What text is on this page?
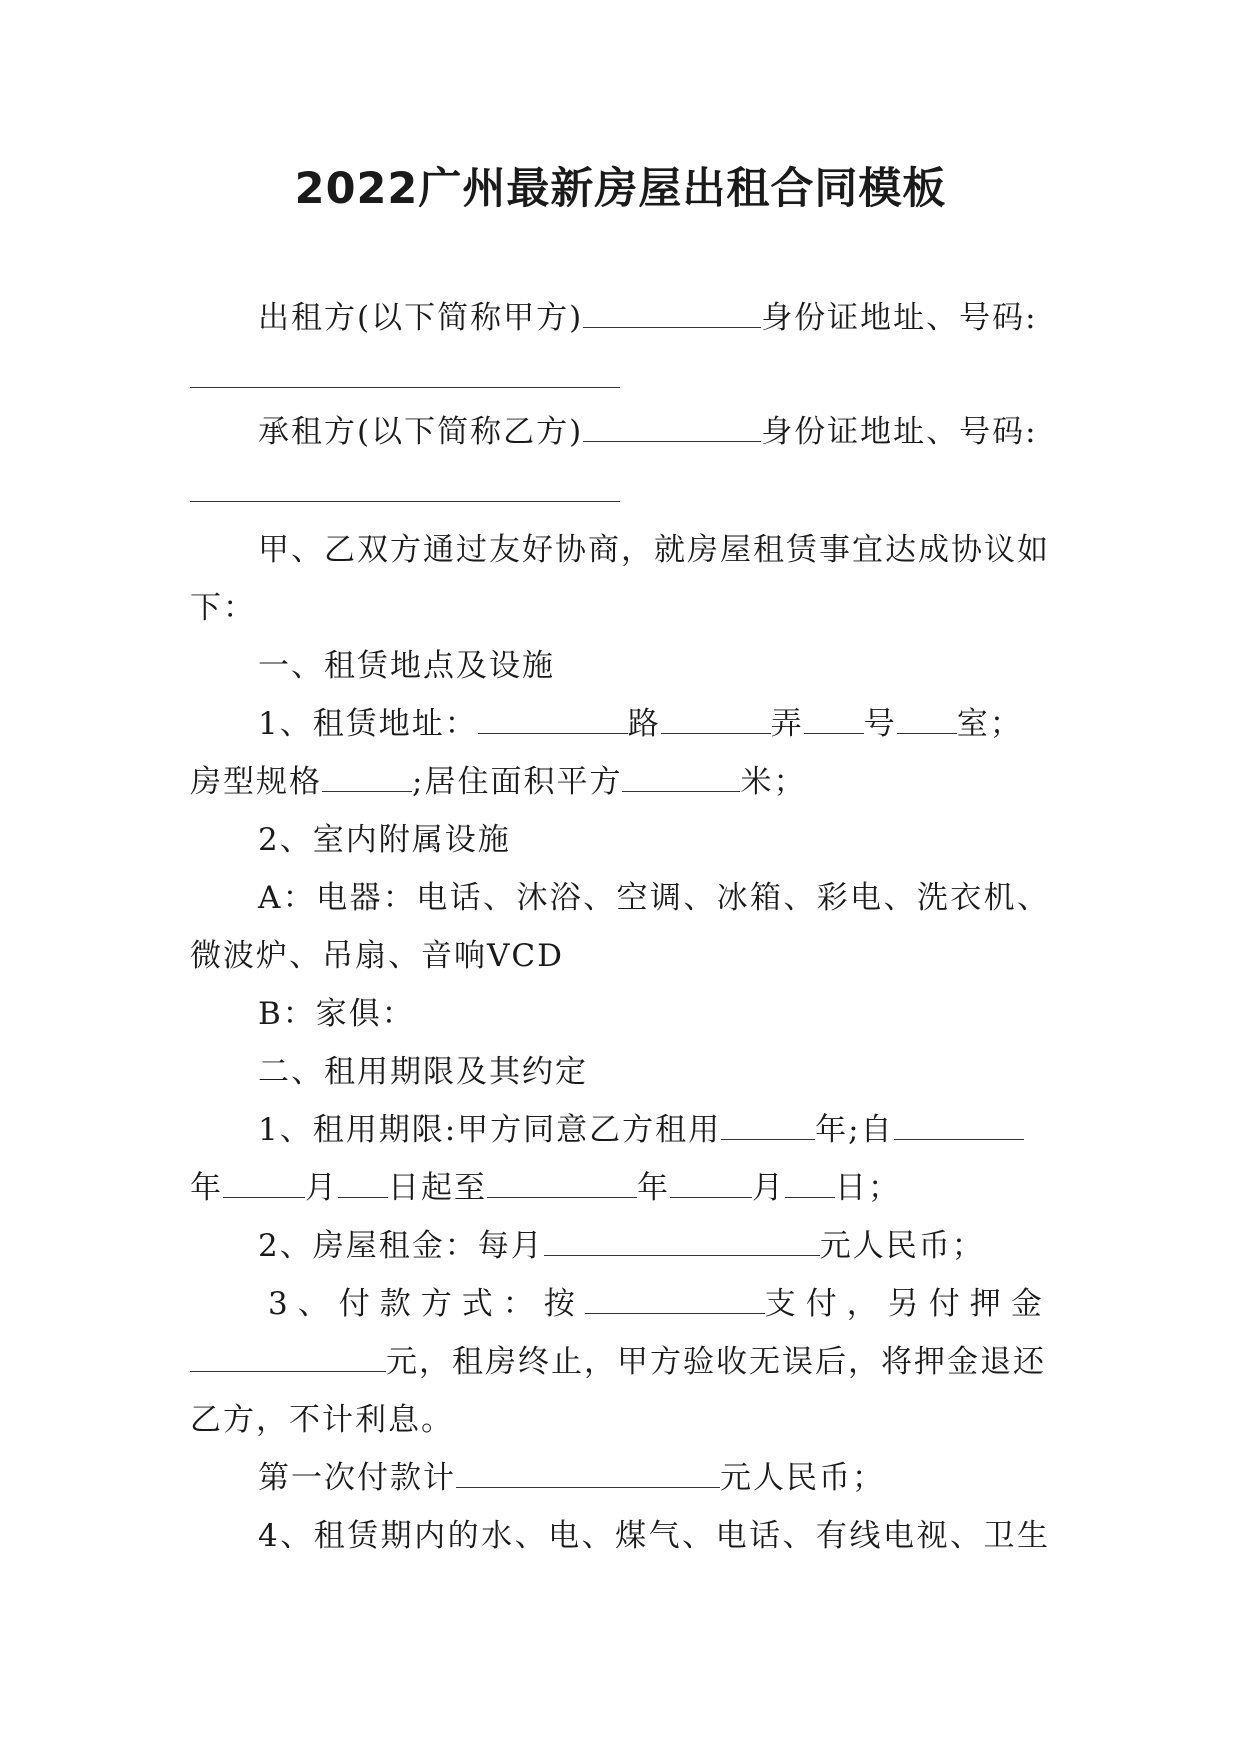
2022广州最新房屋出租合同模板
出租方(以下简称甲方)	身份证地址、号码:
承租方(以下简称乙方)	身份证地址、号码:
甲、乙双方通过友好协商，就房屋租赁事宜达成协议如
下：
一、租赁地点及设施
1、租赁地址：	路	弄 号 室；
房型规格	;居住面积平方	米；
2、室内附属设施
A：电器：电话、沐浴、空调、冰箱、彩电、洗衣机、
微波炉、吊扇、音响VCD
B：家俱：
二、租用期限及其约定
1、租用期限:甲方同意乙方租用	年;自
年	月 日起至	年	月 日；
2、房屋租金：每月	元人民币；
3、付款方式：按	支付，另付押金
元，租房终止，甲方验收无误后，将押金退还
乙方，不计利息。
第一次付款计	元人民币；
4、租赁期内的水、电、煤气、电话、有线电视、卫生
